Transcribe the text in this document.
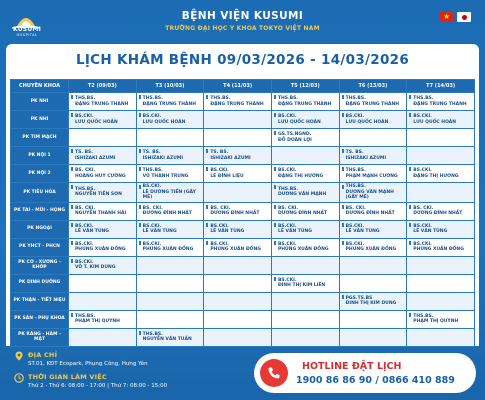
KUSUMI
HOSPITAL
BỆNH VIỆN KUSUMI
TRƯỜNG ĐẠI HỌC Y KHOA TOKYO VIỆT NAM
★
LỊCH KHÁM BỆNH 09/03/2026 - 14/03/2026
CHUYÊN KHOA	T2 (09/03)	T3 (10/03)	T4 (11/03)	T5 (12/03)	T6 (13/03)	T7 (14/03)
PK NHI	THS.BS.
ĐẶNG TRUNG THÀNH	THS.BS.
ĐẶNG TRUNG THÀNH	THS.BS.
ĐẶNG TRUNG THÀNH	THS.BS.
ĐẶNG TRUNG THÀNH	THS.BS.
ĐẶNG TRUNG THÀNH	THS.BS.
ĐẶNG TRUNG THÀNH

PK NHI	BS.CKI.
LƯU QUỐC HOÀN	BS.CKI.
LƯU QUỐC HOÀN		BS.CKI.
LƯU QUỐC HOÀN	BS.CKI.
LƯU QUỐC HOÀN	BS.CKI.
LƯU QUỐC HOÀN

PK TIM MẠCH				GS.TS.NGND.
ĐỖ DOÃN LỢI		

PK NỘI 1	TS. BS.
ISHIZAKI AZUMI	TS. BS.
ISHIZAKI AZUMI	TS. BS.
ISHIZAKI AZUMI		TS. BS.
ISHIZAKI AZUMI	

PK NỘI 2	BS. CKI.
HOÀNG HUY CƯỜNG	THS.BS.
VŨ THÀNH TRUNG	BS.CKI.
LÊ ĐÌNH LIỆU	BS.CKI.
ĐẶNG THỊ HƯƠNG	THS.BS.
PHẠM MẠNH CƯỜNG	BS.CKI.
ĐẶNG THỊ HƯƠNG

PK TIÊU HÓA	THS.BS.
NGUYỄN TIẾN SƠN	BS.CKI.
LÊ DƯƠNG TIẾN (GÂY MÊ)		THS.BS.
DƯƠNG VĂN MẠNH	THS.BS.
DƯƠNG VĂN MẠNH (GÂY MÊ)	

PK TAI - MŨI - HỌNG	BS. CKI.
NGUYỄN THANH HẢI	BS. CKI.
ĐƯƠNG ĐÌNH NHẤT	BS. CKI.
DƯƠNG ĐÌNH NHẤT	BS. CKI.
DƯƠNG ĐÌNH NHẤT	BS. CKI.
DƯƠNG ĐÌNH NHẤT	BS. CKI.
DƯƠNG ĐÌNH NHẤT

PK NGOẠI	BS.CKI.
LÊ VĂN TÙNG	BS.CKI.
LÊ VĂN TÙNG	BS.CKI.
LÊ VĂN TÙNG	BS.CKI.
LÊ VĂN TÙNG	BS.CKI.
LÊ VĂN TÙNG	BS.CKI.
LÊ VĂN TÙNG

PK YHCT - PHCN	BS.CKI.
PHÙNG XUÂN ĐỒNG	BS.CKI.
PHÙNG XUÂN ĐỒNG	BS.CKI.
PHÙNG XUÂN ĐỒNG	BS.CKI.
PHÙNG XUÂN ĐỒNG	BS.CKI.
PHÙNG XUÂN ĐỒNG	BS.CKI.
PHÙNG XUÂN ĐỒNG

PK CƠ - XƯƠNG - KHỚP	BS.CKI.
VÕ T. KIM DUNG					

PK DINH DƯỠNG				BS.CKI.
ĐINH THỊ KIM LIÊN		

PK THẬN - TIẾT NIỆU					PGS.TS.BS
ĐINH THỊ KIM DUNG	

PK SẢN - PHỤ KHOA	THS.BS.
PHẠM THỊ QUỲNH					THS.BS.
PHẠM THỊ QUỲNH

PK RĂNG - HÀM - MẶT		THS.BS.
NGUYỄN VĂN TUẤN				

ĐỊA CHỈ
ST.01, KĐT Ecopark, Phụng Công, Hưng Yên
THỜI GIAN LÀM VIỆC
Thứ 2 - Thứ 6: 08:00 - 17:00 | Thứ 7: 08:00 - 15:00
HOTLINE ĐẶT LỊCH
1900 86 86 90 / 0866 410 889
